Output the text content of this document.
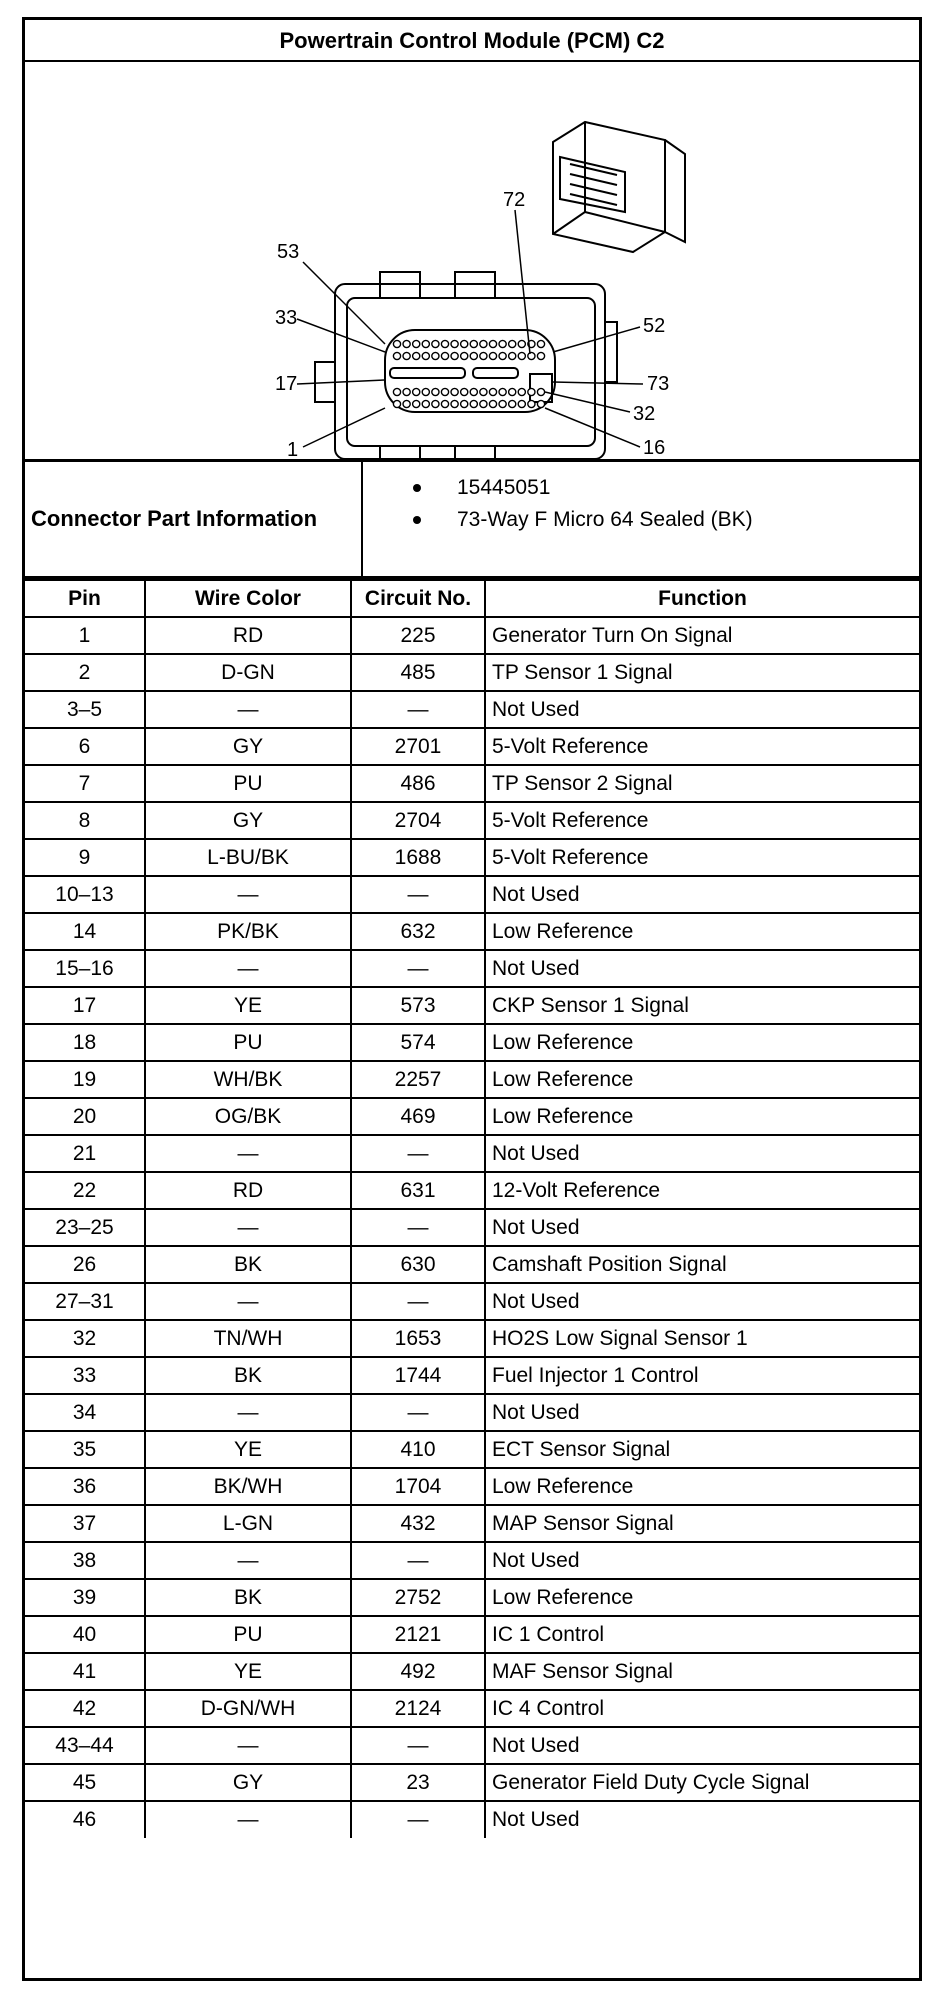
Powertrain Control Module (PCM) C2
72
53
33	52
17	73
1
32
16
Connector Part Information
15445051
73-Way F Micro 64 Sealed (BK)
Pin	Wire Color	Circuit No.	Function
1	RD	225	Generator Turn On Signal
2	D-GN	485	TP Sensor 1 Signal
3–5	—	—	Not Used
6	GY	2701	5-Volt Reference
7	PU	486	TP Sensor 2 Signal
8	GY	2704	5-Volt Reference
9	L-BU/BK	1688	5-Volt Reference
10–13	—	—	Not Used
14	PK/BK	632	Low Reference
15–16	—	—	Not Used
17	YE	573	CKP Sensor 1 Signal
18	PU	574	Low Reference
19	WH/BK	2257	Low Reference
20	OG/BK	469	Low Reference
21	—	—	Not Used
22	RD	631	12-Volt Reference
23–25	—	—	Not Used
26	BK	630	Camshaft Position Signal
27–31	—	—	Not Used
32	TN/WH	1653	HO2S Low Signal Sensor 1
33	BK	1744	Fuel Injector 1 Control
34	—	—	Not Used
35	YE	410	ECT Sensor Signal
36	BK/WH	1704	Low Reference
37	L-GN	432	MAP Sensor Signal
38	—	—	Not Used
39	BK	2752	Low Reference
40	PU	2121	IC 1 Control
41	YE	492	MAF Sensor Signal
42	D-GN/WH	2124	IC 4 Control
43–44	—	—	Not Used
45	GY	23	Generator Field Duty Cycle Signal
46	—	—	Not Used
